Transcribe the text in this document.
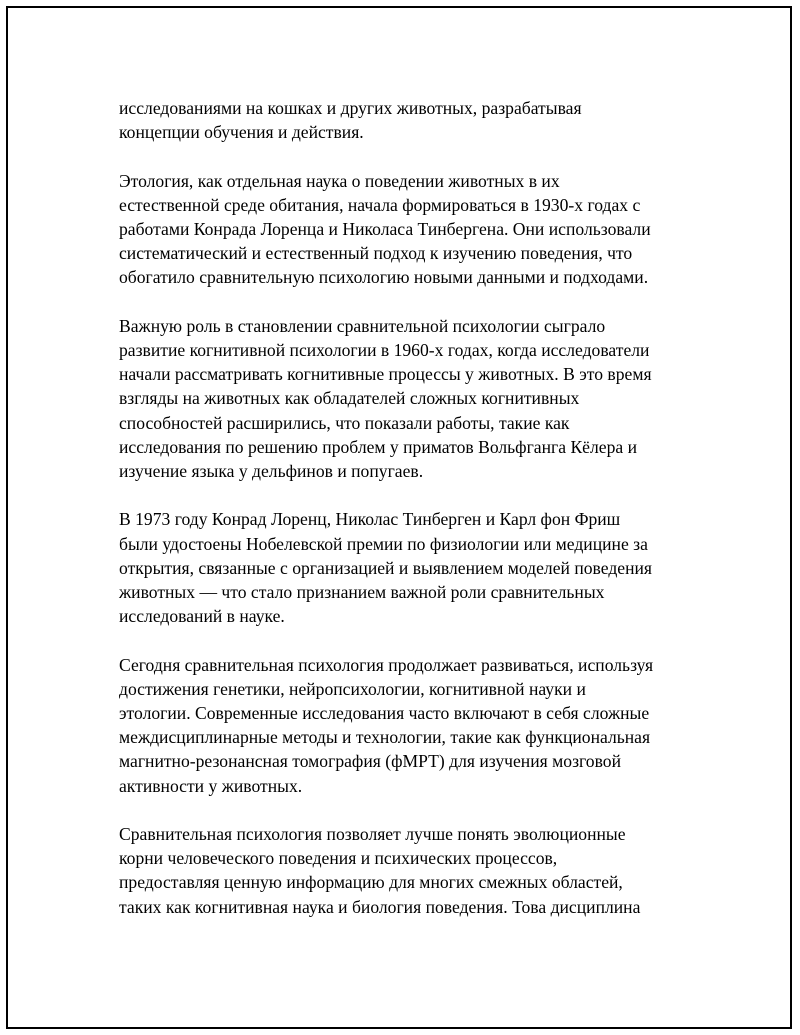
исследованиями на кошках и других животных, разрабатывая
концепции обучения и действия.

Этология, как отдельная наука о поведении животных в их
естественной среде обитания, начала формироваться в 1930-х годах с
работами Конрада Лоренца и Николаса Тинбергена. Они использовали
систематический и естественный подход к изучению поведения, что
обогатило сравнительную психологию новыми данными и подходами.

Важную роль в становлении сравнительной психологии сыграло
развитие когнитивной психологии в 1960-х годах, когда исследователи
начали рассматривать когнитивные процессы у животных. В это время
взгляды на животных как обладателей сложных когнитивных
способностей расширились, что показали работы, такие как
исследования по решению проблем у приматов Вольфганга Кёлера и
изучение языка у дельфинов и попугаев.

В 1973 году Конрад Лоренц, Николас Тинберген и Карл фон Фриш
были удостоены Нобелевской премии по физиологии или медицине за
открытия, связанные с организацией и выявлением моделей поведения
животных — что стало признанием важной роли сравнительных
исследований в науке.

Сегодня сравнительная психология продолжает развиваться, используя
достижения генетики, нейропсихологии, когнитивной науки и
этологии. Современные исследования часто включают в себя сложные
междисциплинарные методы и технологии, такие как функциональная
магнитно-резонансная томография (фМРТ) для изучения мозговой
активности у животных.

Сравнительная психология позволяет лучше понять эволюционные
корни человеческого поведения и психических процессов,
предоставляя ценную информацию для многих смежных областей,
таких как когнитивная наука и биология поведения. Това дисциплина
